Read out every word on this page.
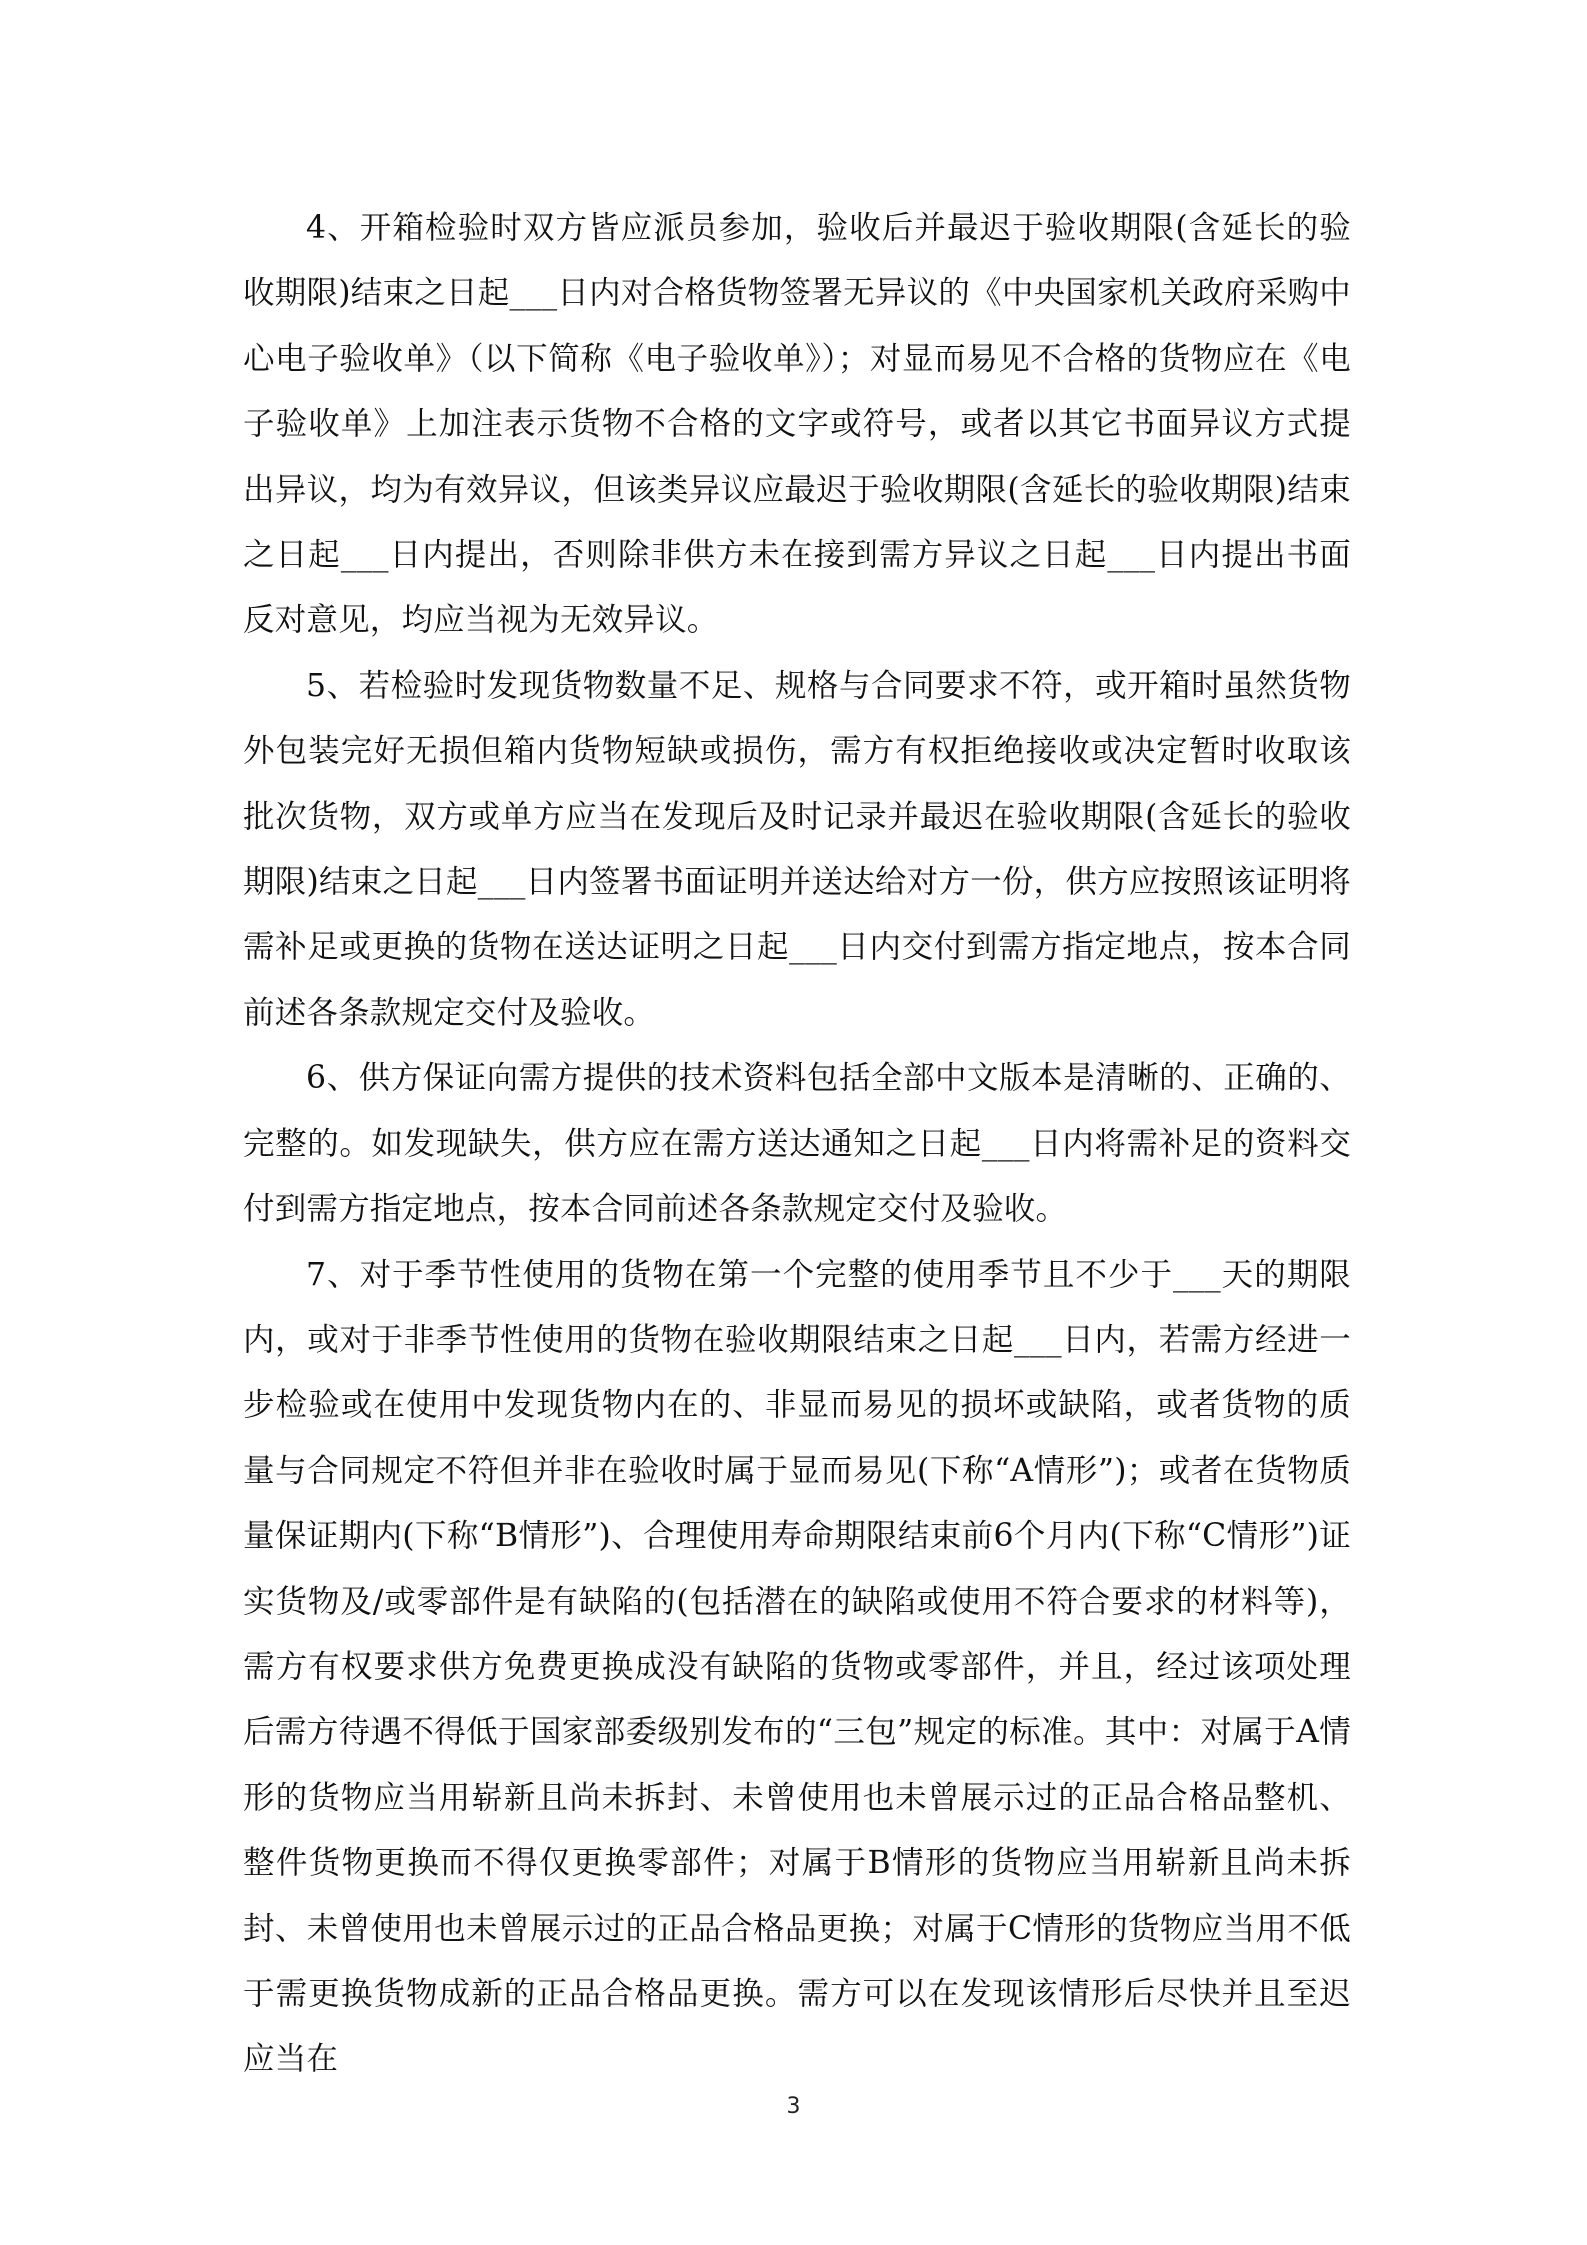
4、开箱检验时双方皆应派员参加，验收后并最迟于验收期限(含延长的验收期限)结束之日起___日内对合格货物签署无异议的《中央国家机关政府采购中心电子验收单》（以下简称《电子验收单》）；对显而易见不合格的货物应在《电子验收单》上加注表示货物不合格的文字或符号，或者以其它书面异议方式提出异议，均为有效异议，但该类异议应最迟于验收期限(含延长的验收期限)结束之日起___日内提出，否则除非供方未在接到需方异议之日起___日内提出书面反对意见，均应当视为无效异议。

5、若检验时发现货物数量不足、规格与合同要求不符，或开箱时虽然货物外包装完好无损但箱内货物短缺或损伤，需方有权拒绝接收或决定暂时收取该批次货物，双方或单方应当在发现后及时记录并最迟在验收期限(含延长的验收期限)结束之日起___日内签署书面证明并送达给对方一份，供方应按照该证明将需补足或更换的货物在送达证明之日起___日内交付到需方指定地点，按本合同前述各条款规定交付及验收。

6、供方保证向需方提供的技术资料包括全部中文版本是清晰的、正确的、完整的。如发现缺失，供方应在需方送达通知之日起___日内将需补足的资料交付到需方指定地点，按本合同前述各条款规定交付及验收。

7、对于季节性使用的货物在第一个完整的使用季节且不少于___天的期限内，或对于非季节性使用的货物在验收期限结束之日起___日内，若需方经进一步检验或在使用中发现货物内在的、非显而易见的损坏或缺陷，或者货物的质量与合同规定不符但并非在验收时属于显而易见(下称“A情形”)；或者在货物质量保证期内(下称“B情形”)、合理使用寿命期限结束前6个月内(下称“C情形”)证实货物及/或零部件是有缺陷的(包括潜在的缺陷或使用不符合要求的材料等)，需方有权要求供方免费更换成没有缺陷的货物或零部件，并且，经过该项处理后需方待遇不得低于国家部委级别发布的“三包”规定的标准。其中：对属于A情形的货物应当用崭新且尚未拆封、未曾使用也未曾展示过的正品合格品整机、整件货物更换而不得仅更换零部件；对属于B情形的货物应当用崭新且尚未拆封、未曾使用也未曾展示过的正品合格品更换；对属于C情形的货物应当用不低于需更换货物成新的正品合格品更换。需方可以在发现该情形后尽快并且至迟应当在

3
